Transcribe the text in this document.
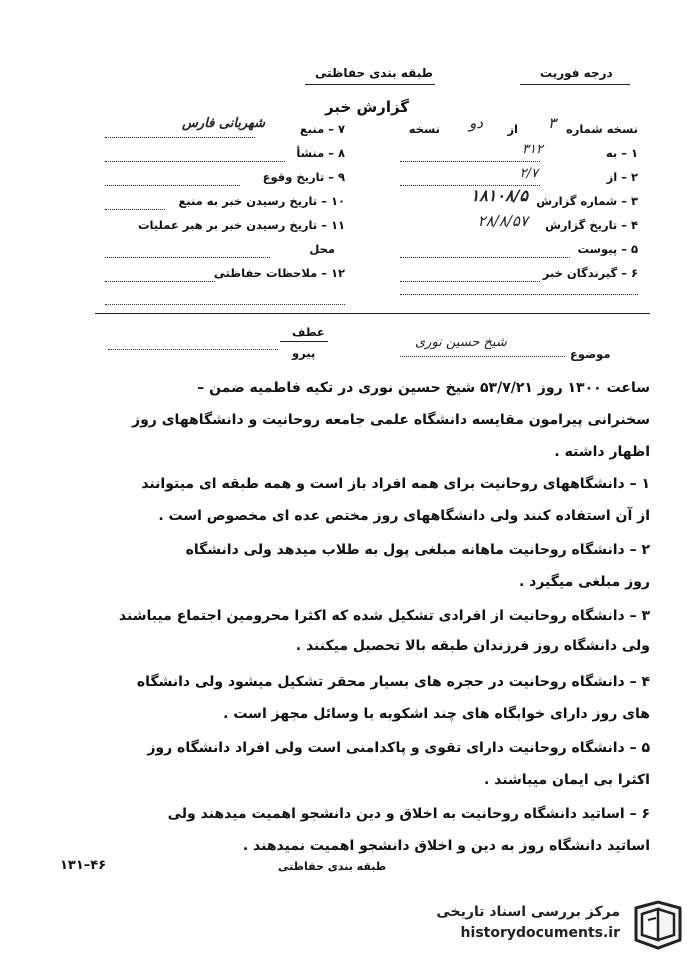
درجه فوریت
طبقه بندی حفاظتی
گزارش خبر
۷ – منبع
شهربانی فارس
۸ – منشأ
۹ – تاریخ وقوع
۱۰ – تاریخ رسیدن خبر به منبع
۱۱ – تاریخ رسیدن خبر بر هبر عملیات
محل
۱۲ – ملاحظات حفاظتی
نسخه شماره
۳
از
دو
نسخه
۱ – به
۳۱۲
۲ – از
۲/۷
۳ – شماره گزارش
۱۸۱۰۸/۵
۴ – تاریخ گزارش
۲۸/۸/۵۷
۵ – پیوست
۶ – گیرندگان خبر
عطف
پیرو	موضوع
شیخ حسین نوری
ساعت ۱۳۰۰ روز ۵۳/۷/۲۱ شیخ حسین نوری در تکیه فاطمیه ضمن –
سخنرانی پیرامون مقایسه دانشگاه علمی جامعه روحانیت و دانشگاههای روز
اظهار داشته .
۱ – دانشگاههای روحانیت برای همه افراد باز است و همه طبقه ای میتوانند
از آن استفاده کنند ولی دانشگاههای روز مختص عده ای مخصوص است .
۲ – دانشگاه روحانیت ماهانه مبلغی پول به طلاب میدهد ولی دانشگاه
روز مبلغی میگیرد .
۳ – دانشگاه روحانیت از افرادی تشکیل شده که اکثرا محرومین اجتماع میباشند
ولی دانشگاه روز فرزندان طبقه بالا تحصیل میکنند .
۴ – دانشگاه روحانیت در حجره های بسیار محقر تشکیل میشود ولی دانشگاه
های روز دارای خوابگاه های چند اشکوبه با وسائل مجهز است .
۵ – دانشگاه روحانیت دارای تقوی و پاکدامنی است ولی افراد دانشگاه روز
اکثرا بی ایمان میباشند .
۶ – اساتید دانشگاه روحانیت به اخلاق و دین دانشجو اهمیت میدهند ولی
اساتید دانشگاه روز به دین و اخلاق دانشجو اهمیت نمیدهند .
طبقه بندی حفاظتی
۱۳۱–۴۶
مرکز بررسی اسناد تاریخی
historydocuments.ir
